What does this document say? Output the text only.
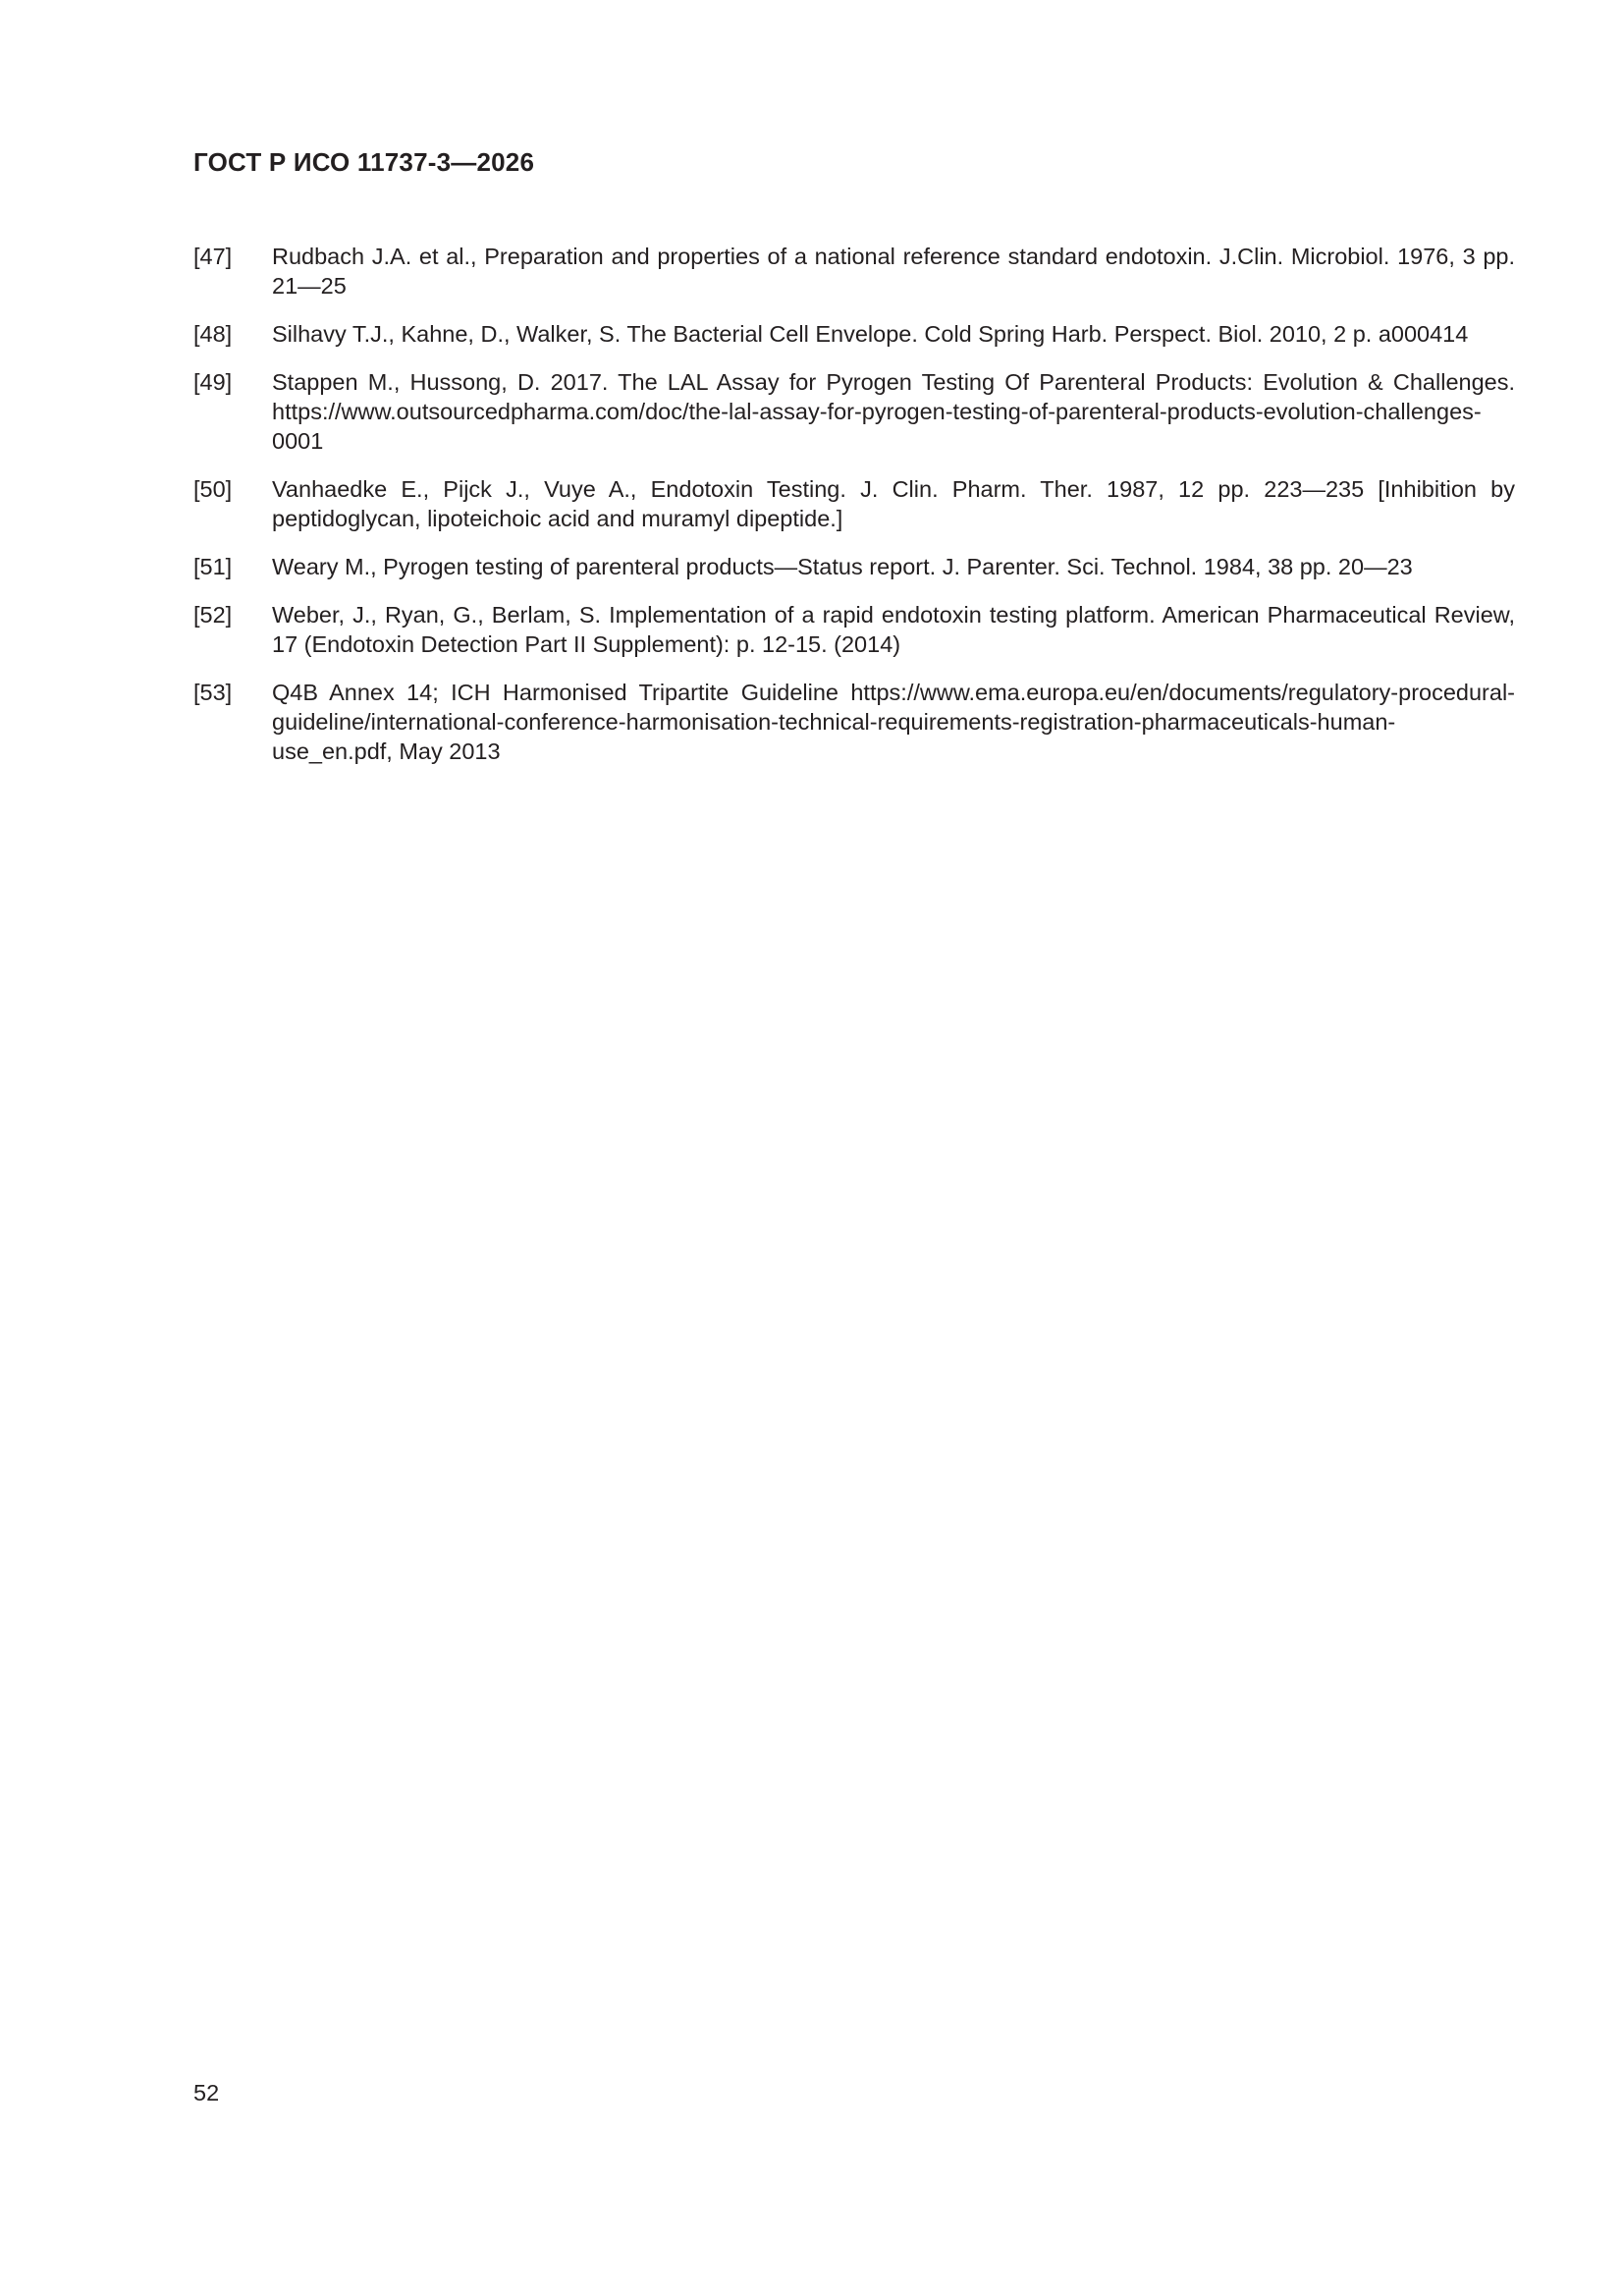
ГОСТ Р ИСО 11737-3—2026
[47]	Rudbach J.A. et al., Preparation and properties of a national reference standard endotoxin. J.Clin. Microbiol. 1976, 3 pp. 21—25
[48]	Silhavy T.J., Kahne, D., Walker, S. The Bacterial Cell Envelope. Cold Spring Harb. Perspect. Biol. 2010, 2 p. a000414
[49]	Stappen M., Hussong, D. 2017. The LAL Assay for Pyrogen Testing Of Parenteral Products: Evolution & Challenges. https://www.outsourcedpharma.com/doc/the-lal-assay-for-pyrogen-testing-of-parenteral-products-evolution-challenges-0001
[50]	Vanhaedke E., Pijck J., Vuye A., Endotoxin Testing. J. Clin. Pharm. Ther. 1987, 12 pp. 223—235 [Inhibition by peptidoglycan, lipoteichoic acid and muramyl dipeptide.]
[51]	Weary M., Pyrogen testing of parenteral products—Status report. J. Parenter. Sci. Technol. 1984, 38 pp. 20—23
[52]	Weber, J., Ryan, G., Berlam, S. Implementation of a rapid endotoxin testing platform. American Pharmaceutical Review, 17 (Endotoxin Detection Part II Supplement): p. 12-15. (2014)
[53]	Q4B Annex 14; ICH Harmonised Tripartite Guideline https://www.ema.europa.eu/en/documents/regulatory-procedural-guideline/international-conference-harmonisation-technical-requirements-registration-pharmaceuticals-human-use_en.pdf, May 2013

52
